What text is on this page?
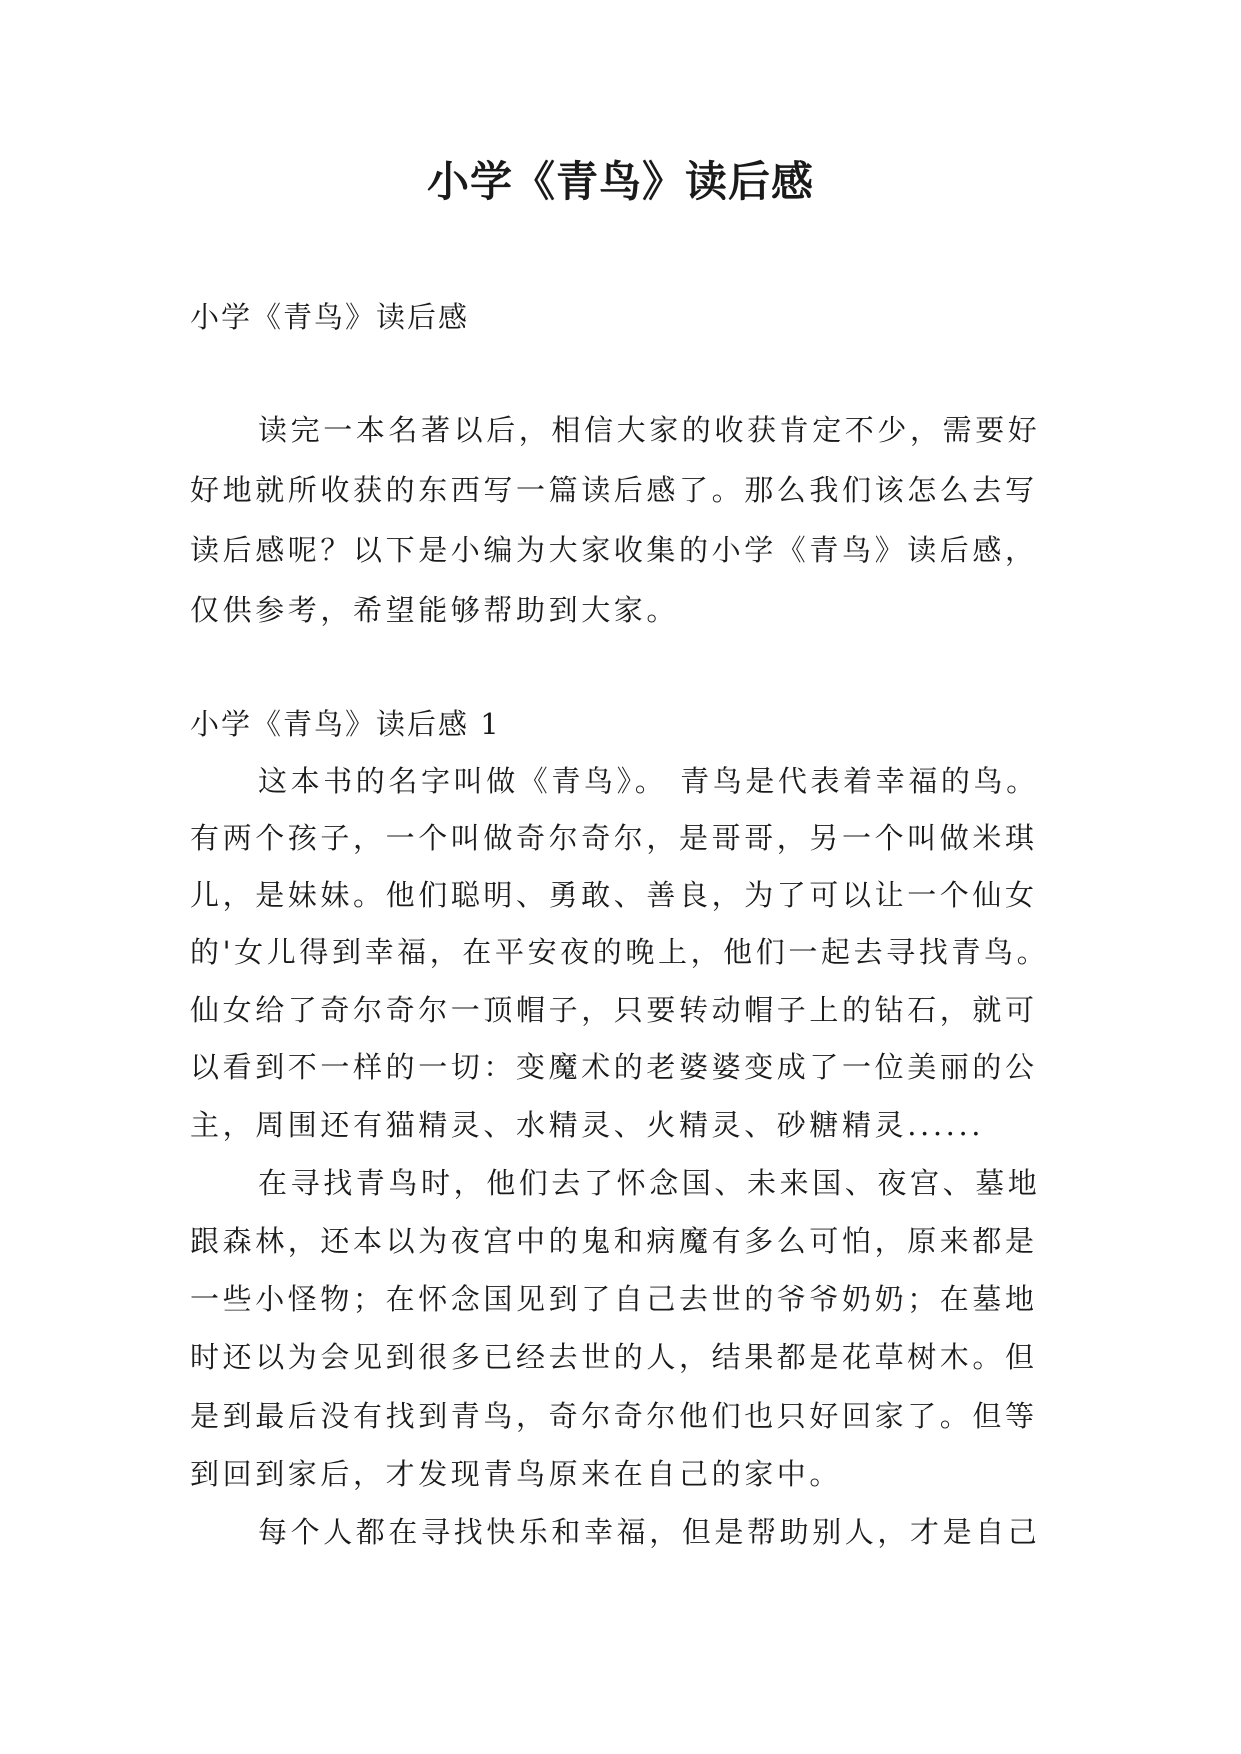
小学《青鸟》读后感
小学《青鸟》读后感
读完一本名著以后，相信大家的收获肯定不少，需要好
好地就所收获的东西写一篇读后感了。那么我们该怎么去写
读后感呢？以下是小编为大家收集的小学《青鸟》读后感，
仅供参考，希望能够帮助到大家。
小学《青鸟》读后感 1
这本书的名字叫做《青鸟》。 青鸟是代表着幸福的鸟。
有两个孩子，一个叫做奇尔奇尔，是哥哥，另一个叫做米琪
儿，是妹妹。他们聪明、勇敢、善良，为了可以让一个仙女
的'女儿得到幸福，在平安夜的晚上，他们一起去寻找青鸟。
仙女给了奇尔奇尔一顶帽子，只要转动帽子上的钻石，就可
以看到不一样的一切：变魔术的老婆婆变成了一位美丽的公
主，周围还有猫精灵、水精灵、火精灵、砂糖精灵......
在寻找青鸟时，他们去了怀念国、未来国、夜宫、墓地
跟森林，还本以为夜宫中的鬼和病魔有多么可怕，原来都是
一些小怪物；在怀念国见到了自己去世的爷爷奶奶；在墓地
时还以为会见到很多已经去世的人，结果都是花草树木。但
是到最后没有找到青鸟，奇尔奇尔他们也只好回家了。但等
到回到家后，才发现青鸟原来在自己的家中。
每个人都在寻找快乐和幸福，但是帮助别人，才是自己
